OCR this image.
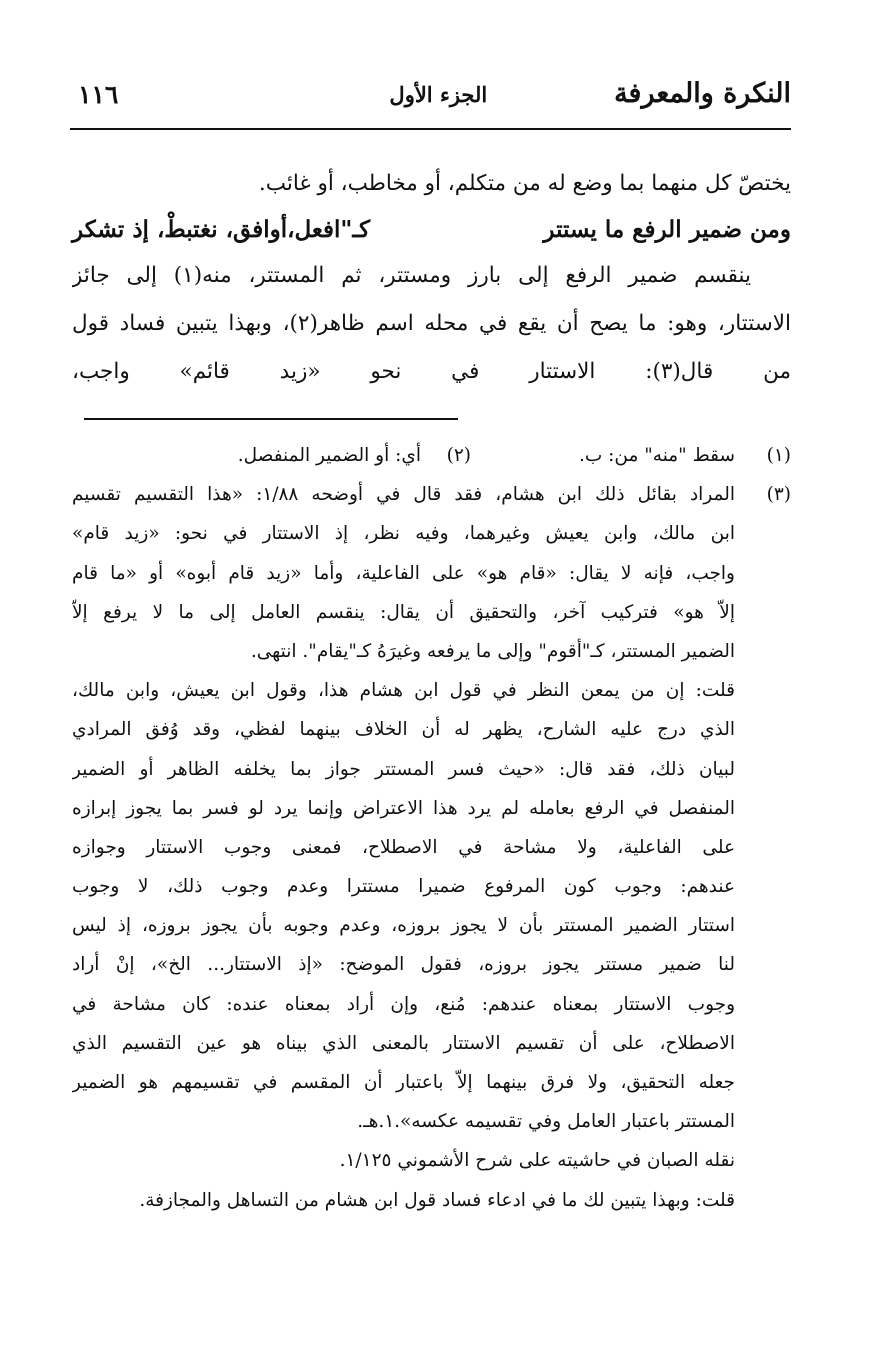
النكرة والمعرفة
الجزء الأول
١١٦
يختصّ كل منهما بما وضع له من متكلم، أو مخاطب، أو غائب.
ومن ضمير الرفع ما يستتر
كـ"افعل،أوافق، نغتبطْ، إذ تشكر
ينقسم ضمير الرفع إلى بارز ومستتر، ثم المستتر، منه(١) إلى جائز
الاستتار، وهو: ما يصح أن يقع في محله اسم ظاهر(٢)، وبهذا يتبين فساد قول
من قال(٣): الاستتار في نحو «زيد قائم» واجب،
(١)
سقط "منه" من: ب.
(٢)
أي: أو الضمير المنفصل.
(٣)
المراد بقائل ذلك ابن هشام، فقد قال في أوضحه ١/٨٨: «هذا التقسيم تقسيم
ابن مالك، وابن يعيش وغيرهما، وفيه نظر، إذ الاستتار في نحو: «زيد قام»
واجب، فإنه لا يقال: «قام هو» على الفاعلية، وأما «زيد قام أبوه» أو «ما قام
إلاّ هو» فتركيب آخر، والتحقيق أن يقال: ينقسم العامل إلى ما لا يرفع إلاّ
الضمير المستتر، كـ"أقوم" وإلى ما يرفعه وغيرَهُ كـ"يقام". انتهى.
قلت: إن من يمعن النظر في قول ابن هشام هذا، وقول ابن يعيش، وابن مالك،
الذي درج عليه الشارح، يظهر له أن الخلاف بينهما لفظي، وقد وُفق المرادي
لبيان ذلك، فقد قال: «حيث فسر المستتر جواز بما يخلفه الظاهر أو الضمير
المنفصل في الرفع بعامله لم يرد هذا الاعتراض وإنما يرد لو فسر بما يجوز إبرازه
على الفاعلية، ولا مشاحة في الاصطلاح، فمعنى وجوب الاستتار وجوازه
عندهم: وجوب كون المرفوع ضميرا مستترا وعدم وجوب ذلك، لا وجوب
استتار الضمير المستتر بأن لا يجوز بروزه، وعدم وجوبه بأن يجوز بروزه، إذ ليس
لنا ضمير مستتر يجوز بروزه، فقول الموضح: «إذ الاستتار... الخ»، إنْ أراد
وجوب الاستتار بمعناه عندهم: مُنع، وإن أراد بمعناه عنده: كان مشاحة في
الاصطلاح، على أن تقسيم الاستتار بالمعنى الذي بيناه هو عين التقسيم الذي
جعله التحقيق، ولا فرق بينهما إلاّ باعتبار أن المقسم في تقسيمهم هو الضمير
المستتر باعتبار العامل وفي تقسيمه عكسه».١.هـ.
نقله الصبان في حاشيته على شرح الأشموني ١/١٢٥.
قلت: وبهذا يتبين لك ما في ادعاء فساد قول ابن هشام من التساهل والمجازفة.
